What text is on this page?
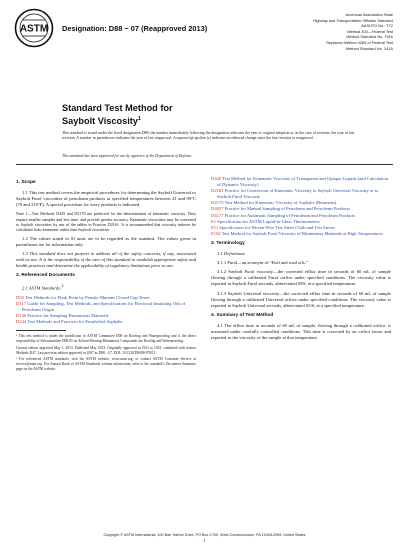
ASTM Designation: D88 − 07 (Reapproved 2013)
American Association State
Highway and Transportation Officials Standard
AASHTO No.: T72
Method 304—Federal Test
Method Standard No. 791b
Replaces Method 4285 of Federal Test
Method Standard No. 141A
Standard Test Method for
Saybolt Viscosity$^1$
This standard is issued under the fixed designation D88; the number immediately following the designation indicates the year of original adoption or, in the case of revision, the year of last revision. A number in parentheses indicates the year of last reapproval. A superscript epsilon (ε) indicates an editorial change since the last revision or reapproval.
This standard has been approved for use by agencies of the Department of Defense.
1. Scope

1.1 This test method covers the empirical procedures for determining the Saybolt Universal or Saybolt Furol viscosities of petroleum products at specified temperatures between 21 and 99°C (70 and 210°F). A special procedure for waxy products is indicated.

Note 1—Test Methods D445 and D2170 are preferred for the determination of kinematic viscosity. They require smaller samples and less time, and provide greater accuracy. Kinematic viscosities may be converted to Saybolt viscosities by use of the tables in Practice D2161. It is recommended that viscosity indexes be calculated from kinematic rather than Saybolt viscosities.

1.2 The values stated in SI units are to be regarded as the standard. The values given in parentheses are for information only.

1.3 This standard does not purport to address all of the safety concerns, if any, associated with its use. It is the responsibility of the user of this standard to establish appropriate safety and health practices and determine the applicability of regulatory limitations prior to use.

2. Referenced Documents

2.1 ASTM Standards:$^2$

D93 Test Methods for Flash Point by Pensky-Martens Closed Cup Tester
D117 Guide for Sampling, Test Methods, and Specifications for Electrical Insulating Oils of Petroleum Origin
D140 Practice for Sampling Bituminous Materials
D244 Test Methods and Practices for Emulsified Asphalts

¹ This test method is under the jurisdiction of ASTM Committee D08 on Roofing and Waterproofing and is the direct responsibility of Subcommittee D08.05 on Solvent-Bearing Bituminous Compounds for Roofing and Waterproofing.

Current edition approved May 1, 2013. Published May 2013. Originally approved in 1921 to 1923, combined with former Methods D47. Last previous edition approved in 2007 as D88 – 07. DOI: 10.1520/D0088-07R13

² For referenced ASTM standards, visit the ASTM website, www.astm.org, or contact ASTM Customer Service at service@astm.org. For Annual Book of ASTM Standards volume information, refer to the standard’s Document Summary page on the ASTM website.

D445 Test Method for Kinematic Viscosity of Transparent and Opaque Liquids (and Calculation of Dynamic Viscosity)
D2161 Practice for Conversion of Kinematic Viscosity to Saybolt Universal Viscosity or to Saybolt Furol Viscosity
D2170 Test Method for Kinematic Viscosity of Asphalts (Bitumens)
D4057 Practice for Manual Sampling of Petroleum and Petroleum Products
D4177 Practice for Automatic Sampling of Petroleum and Petroleum Products
E1 Specification for ASTM Liquid-in-Glass Thermometers
E11 Specification for Woven Wire Test Sieve Cloth and Test Sieves
E102 Test Method for Saybolt Furol Viscosity of Bituminous Materials at High Temperatures
3. Terminology

3.1 Definitions:

3.1.1 Furol—an acronym of “Fuel and road oils.”

3.1.2 Saybolt Furol viscosity—the corrected efflux time in seconds of 60 mL of sample flowing through a calibrated Furol orifice under specified conditions. The viscosity value is reported in Saybolt Furol seconds, abbreviated SFS, at a specified temperature.

3.1.3 Saybolt Universal viscosity—the corrected efflux time in seconds of 60 mL of sample flowing through a calibrated Universal orifice under specified conditions. The viscosity value is reported in Saybolt Universal seconds, abbreviated SUS, at a specified temperature.

4. Summary of Test Method

4.1 The efflux time in seconds of 60 mL of sample, flowing through a calibrated orifice, is measured under carefully controlled conditions. This time is corrected by an orifice factor and reported as the viscosity of the sample at that temperature.

Copyright © ASTM International, 100 Barr Harbor Drive, PO Box C700, West Conshohocken, PA 19428-2959. United States
1
